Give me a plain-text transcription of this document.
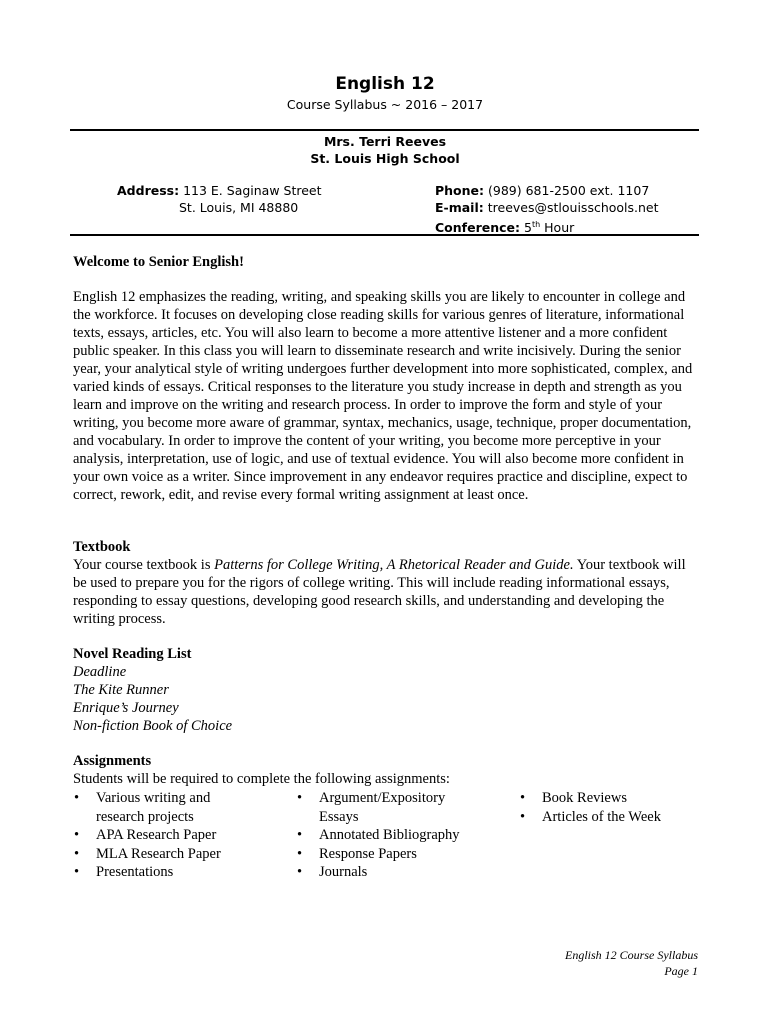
English 12
Course Syllabus ~ 2016 – 2017
Mrs. Terri Reeves
St. Louis High School
Address: 113 E. Saginaw Street
St. Louis, MI 48880
Phone: (989) 681-2500 ext. 1107
E-mail: treeves@stlouisschools.net
Conference: 5th Hour
Welcome to Senior English!
English 12 emphasizes the reading, writing, and speaking skills you are likely to encounter in college and the workforce. It focuses on developing close reading skills for various genres of literature, informational texts, essays, articles, etc. You will also learn to become a more attentive listener and a more confident public speaker. In this class you will learn to disseminate research and write incisively. During the senior year, your analytical style of writing undergoes further development into more sophisticated, complex, and varied kinds of essays. Critical responses to the literature you study increase in depth and strength as you learn and improve on the writing and research process. In order to improve the form and style of your writing, you become more aware of grammar, syntax, mechanics, usage, technique, proper documentation, and vocabulary. In order to improve the content of your writing, you become more perceptive in your analysis, interpretation, use of logic, and use of textual evidence. You will also become more confident in your own voice as a writer. Since improvement in any endeavor requires practice and discipline, expect to correct, rework, edit, and revise every formal writing assignment at least once.
Textbook
Your course textbook is Patterns for College Writing, A Rhetorical Reader and Guide. Your textbook will be used to prepare you for the rigors of college writing. This will include reading informational essays, responding to essay questions, developing good research skills, and understanding and developing the writing process.
Novel Reading List
Deadline
The Kite Runner
Enrique’s Journey
Non-fiction Book of Choice
Assignments
Students will be required to complete the following assignments:
• Various writing and research projects
• APA Research Paper
• MLA Research Paper
• Presentations
• Argument/Expository Essays
• Annotated Bibliography
• Response Papers
• Journals
• Book Reviews
• Articles of the Week
English 12 Course Syllabus
Page 1
